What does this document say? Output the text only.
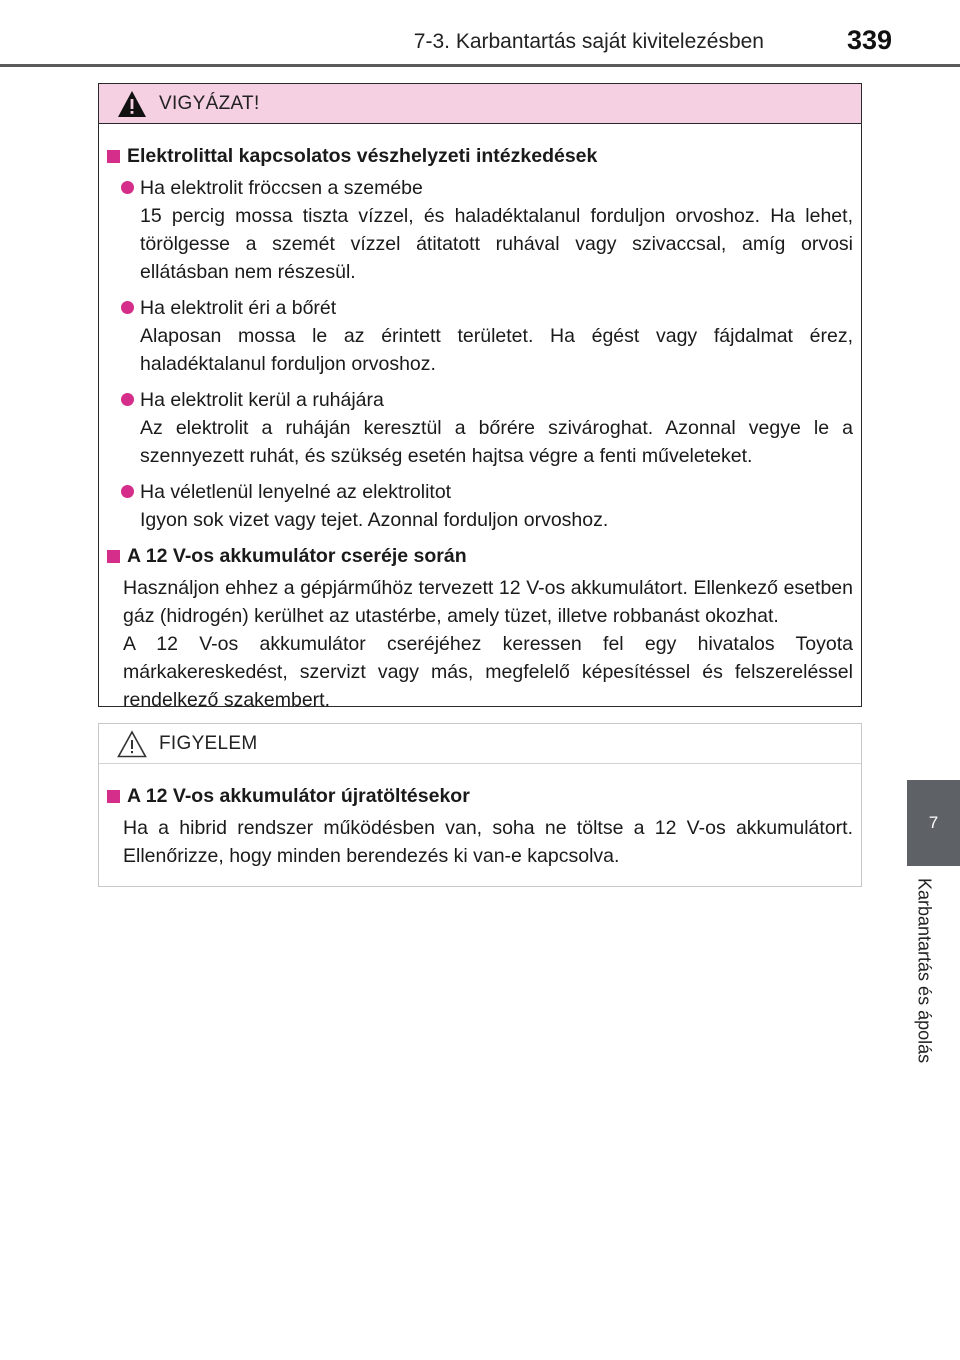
7-3. Karbantartás saját kivitelezésben	339
7
Karbantartás és ápolás
VIGYÁZAT!
Elektrolittal kapcsolatos vészhelyzeti intézkedések
Ha elektrolit fröccsen a szemébe
15 percig mossa tiszta vízzel, és haladéktalanul forduljon orvoshoz. Ha lehet, törölgesse a szemét vízzel átitatott ruhával vagy szivaccsal, amíg orvosi ellátásban nem részesül.
Ha elektrolit éri a bőrét
Alaposan mossa le az érintett területet. Ha égést vagy fájdalmat érez, haladéktalanul forduljon orvoshoz.
Ha elektrolit kerül a ruhájára
Az elektrolit a ruháján keresztül a bőrére szivároghat. Azonnal vegye le a szennyezett ruhát, és szükség esetén hajtsa végre a fenti műveleteket.
Ha véletlenül lenyelné az elektrolitot
Igyon sok vizet vagy tejet. Azonnal forduljon orvoshoz.
A 12 V-os akkumulátor cseréje során
Használjon ehhez a gépjárműhöz tervezett 12 V-os akkumulátort. Ellenkező esetben gáz (hidrogén) kerülhet az utastérbe, amely tüzet, illetve robbanást okozhat.
A 12 V-os akkumulátor cseréjéhez keressen fel egy hivatalos Toyota márkakereskedést, szervizt vagy más, megfelelő képesítéssel és felszereléssel rendelkező szakembert.
FIGYELEM
A 12 V-os akkumulátor újratöltésekor
Ha a hibrid rendszer működésben van, soha ne töltse a 12 V-os akkumulátort. Ellenőrizze, hogy minden berendezés ki van-e kapcsolva.
